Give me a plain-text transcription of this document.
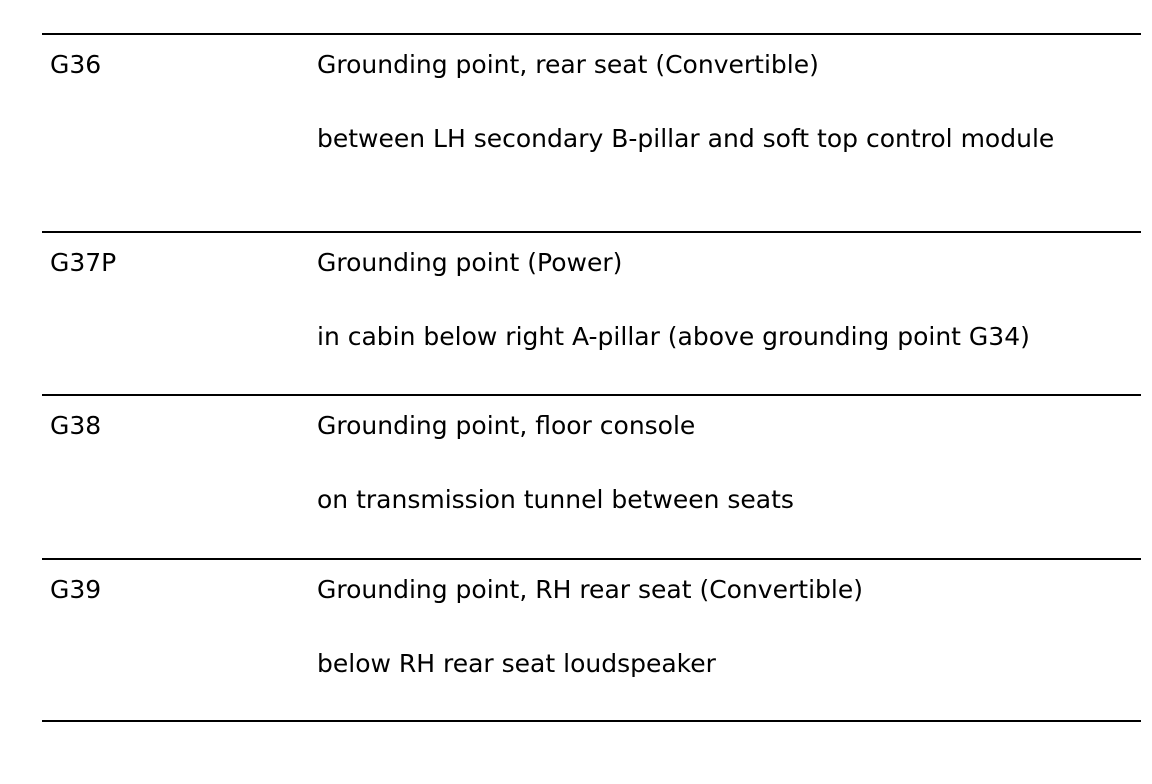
G36	Grounding point, rear seat (Convertible)
between LH secondary B-pillar and soft top control module
G37P	Grounding point (Power)
in cabin below right A-pillar (above grounding point G34)
G38	Grounding point, floor console
on transmission tunnel between seats
G39	Grounding point, RH rear seat (Convertible)
below RH rear seat loudspeaker
